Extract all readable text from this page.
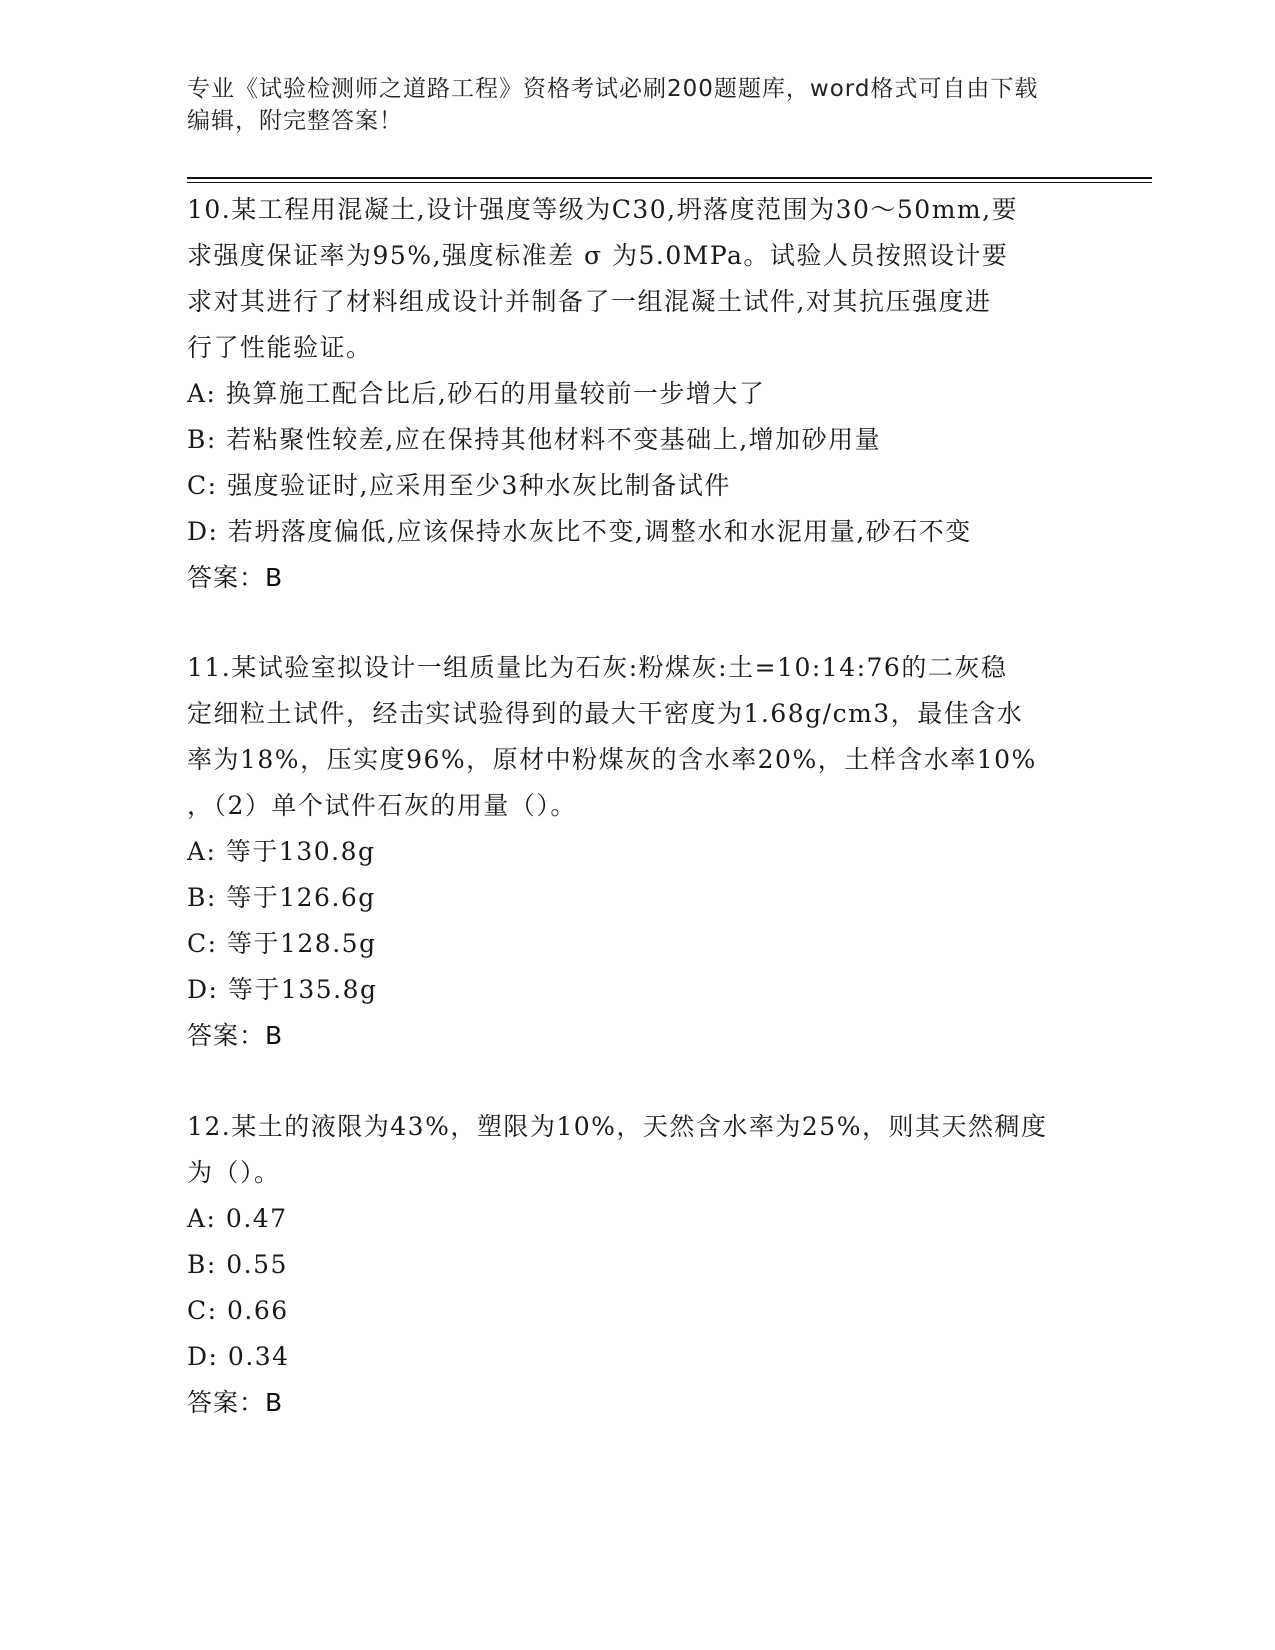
专业《试验检测师之道路工程》资格考试必刷200题题库，word格式可自由下载
编辑，附完整答案！

10.某工程用混凝土,设计强度等级为C30,坍落度范围为30～50mm,要

求强度保证率为95%,强度标准差 σ 为5.0MPa。试验人员按照设计要

求对其进行了材料组成设计并制备了一组混凝土试件,对其抗压强度进

行了性能验证。

A: 换算施工配合比后,砂石的用量较前一步增大了

B: 若粘聚性较差,应在保持其他材料不变基础上,增加砂用量

C: 强度验证时,应采用至少3种水灰比制备试件

D: 若坍落度偏低,应该保持水灰比不变,调整水和水泥用量,砂石不变

答案：B

11.某试验室拟设计一组质量比为石灰:粉煤灰:土=10:14:76的二灰稳

定细粒土试件，经击实试验得到的最大干密度为1.68g/cm3，最佳含水

率为18%，压实度96%，原材中粉煤灰的含水率20%，土样含水率10%

，（2）单个试件石灰的用量（）。

A: 等于130.8g

B: 等于126.6g

C: 等于128.5g

D: 等于135.8g

答案：B

12.某土的液限为43%，塑限为10%，天然含水率为25%，则其天然稠度

为（）。

A: 0.47

B: 0.55

C: 0.66

D: 0.34

答案：B
